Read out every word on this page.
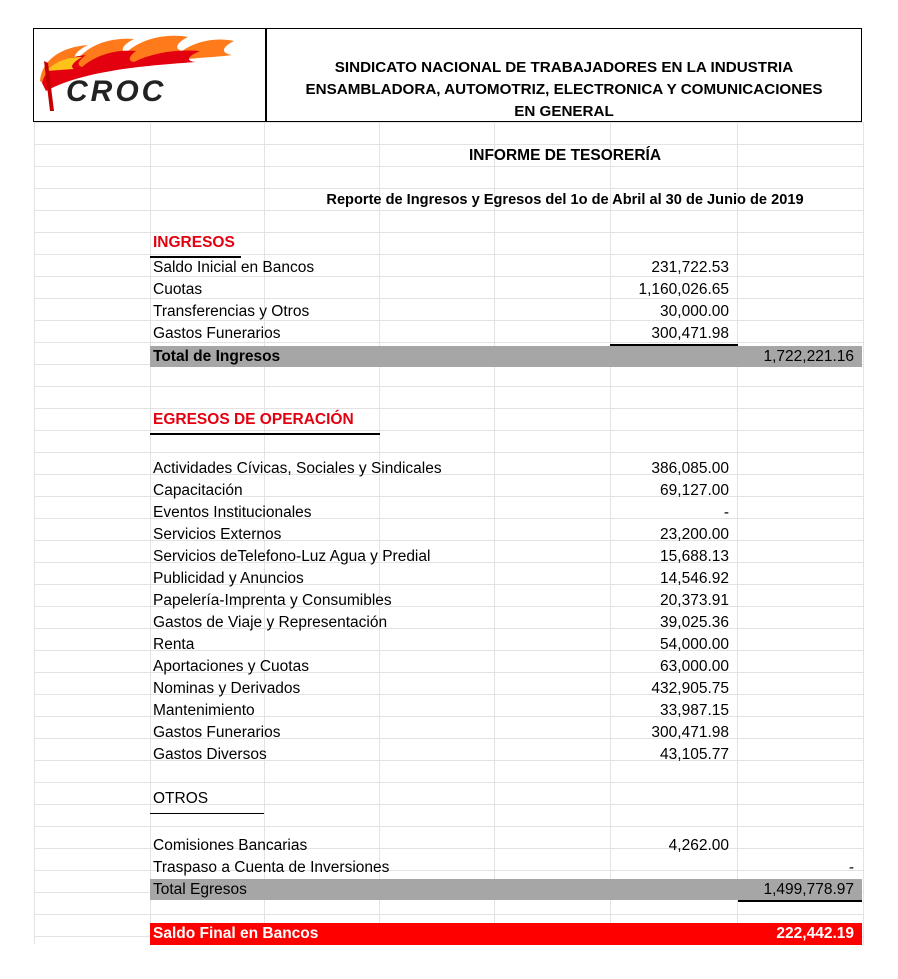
CROC
SINDICATO NACIONAL DE TRABAJADORES EN LA INDUSTRIA
ENSAMBLADORA, AUTOMOTRIZ, ELECTRONICA Y COMUNICACIONES
EN GENERAL
INFORME DE TESORERÍA
Reporte de Ingresos y Egresos del 1o de Abril al 30 de Junio de 2019
INGRESOS
Saldo Inicial en Bancos	231,722.53
Cuotas	1,160,026.65
Transferencias y Otros	30,000.00
Gastos Funerarios	300,471.98
Total de Ingresos	1,722,221.16
EGRESOS DE OPERACIÓN
Actividades Cívicas, Sociales y Sindicales	386,085.00
Capacitación	69,127.00
Eventos Institucionales	-
Servicios Externos	23,200.00
Servicios deTelefono-Luz Agua y Predial	15,688.13
Publicidad y Anuncios	14,546.92
Papelería-Imprenta y Consumibles	20,373.91
Gastos de Viaje y Representación	39,025.36
Renta	54,000.00
Aportaciones y Cuotas	63,000.00
Nominas y Derivados	432,905.75
Mantenimiento	33,987.15
Gastos Funerarios	300,471.98
Gastos Diversos	43,105.77
OTROS
Comisiones Bancarias	4,262.00
Traspaso a Cuenta de Inversiones	-
Total Egresos	1,499,778.97
Saldo Final en Bancos	222,442.19
